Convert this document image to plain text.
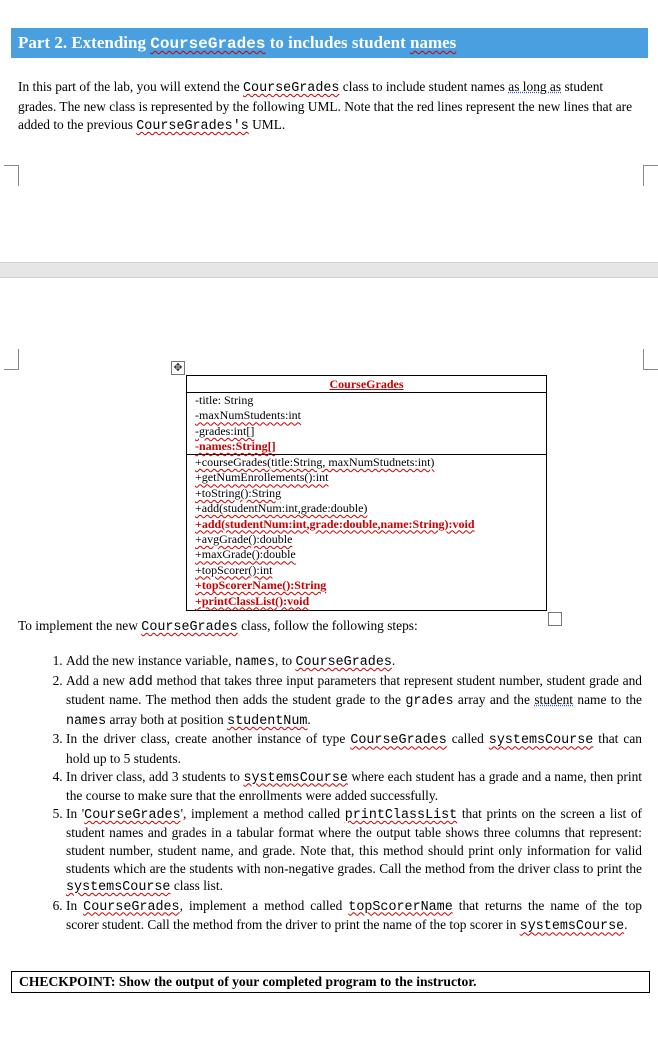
Part 2. Extending CourseGrades to includes student names
In this part of the lab, you will extend the CourseGrades class to include student names as long as student grades. The new class is represented by the following UML. Note that the red lines represent the new lines that are added to the previous CourseGrades's UML.
✥
CourseGrades
-title: String
-maxNumStudents:int
-grades:int[]
-names:String[]
+courseGrades(title:String, maxNumStudnets:int)
+getNumEnrollements():int
+toString():String
+add(studentNum:int,grade:double)
+add(studentNum:int,grade:double,name:String):void
+avgGrade():double
+maxGrade():double
+topScorer():int
+topScorerName():String
+printClassList():void
To implement the new CourseGrades class, follow the following steps:
1. Add the new instance variable, names, to CourseGrades.
2. Add a new add method that takes three input parameters that represent student number, student grade and student name. The method then adds the student grade to the grades array and the student name to the names array both at position studentNum.
3. In the driver class, create another instance of type CourseGrades called systemsCourse that can hold up to 5 students.
4. In driver class, add 3 students to systemsCourse where each student has a grade and a name, then print the course to make sure that the enrollments were added successfully.
5. In 'CourseGrades', implement a method called printClassList that prints on the screen a list of student names and grades in a tabular format where the output table shows three columns that represent: student number, student name, and grade. Note that, this method should print only information for valid students which are the students with non-negative grades. Call the method from the driver class to print the systemsCourse class list.
6. In CourseGrades, implement a method called topScorerName that returns the name of the top scorer student. Call the method from the driver to print the name of the top scorer in systemsCourse.
CHECKPOINT: Show the output of your completed program to the instructor.
